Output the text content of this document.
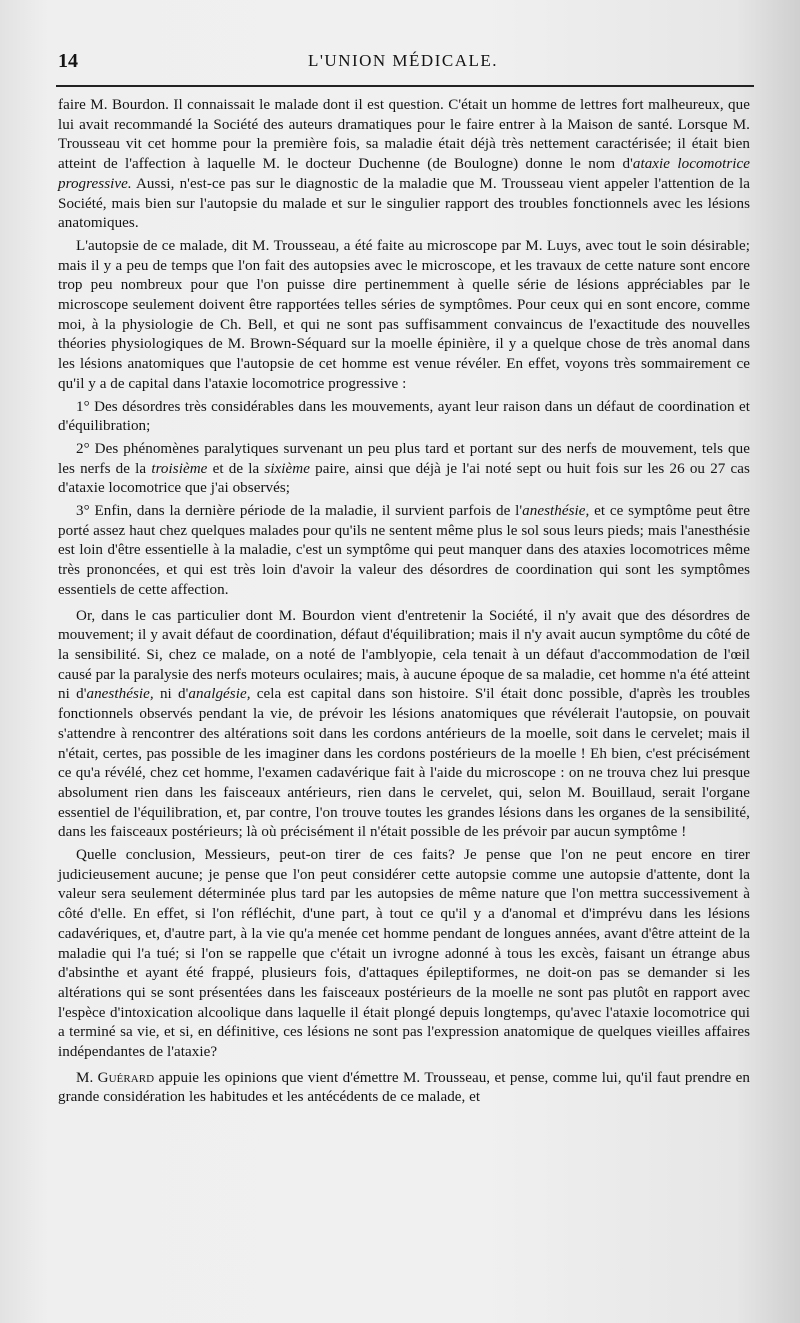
14	L'UNION MÉDICALE.

faire M. Bourdon. Il connaissait le malade dont il est question. C'était un homme de lettres fort malheureux, que lui avait recommandé la Société des auteurs dramatiques pour le faire entrer à la Maison de santé. Lorsque M. Trousseau vit cet homme pour la première fois, sa maladie était déjà très nettement caractérisée; il était bien atteint de l'affection à laquelle M. le docteur Duchenne (de Boulogne) donne le nom d'ataxie locomotrice progressive. Aussi, n'est-ce pas sur le diagnostic de la maladie que M. Trousseau vient appeler l'attention de la Société, mais bien sur l'autopsie du malade et sur le singulier rapport des troubles fonctionnels avec les lésions anatomiques.

L'autopsie de ce malade, dit M. Trousseau, a été faite au microscope par M. Luys, avec tout le soin désirable; mais il y a peu de temps que l'on fait des autopsies avec le microscope, et les travaux de cette nature sont encore trop peu nombreux pour que l'on puisse dire pertinemment à quelle série de lésions appréciables par le microscope seulement doivent être rapportées telles séries de symptômes. Pour ceux qui en sont encore, comme moi, à la physiologie de Ch. Bell, et qui ne sont pas suffisamment convaincus de l'exactitude des nouvelles théories physiologiques de M. Brown-Séquard sur la moelle épinière, il y a quelque chose de très anomal dans les lésions anatomiques que l'autopsie de cet homme est venue révéler. En effet, voyons très sommairement ce qu'il y a de capital dans l'ataxie locomotrice progressive :

1° Des désordres très considérables dans les mouvements, ayant leur raison dans un défaut de coordination et d'équilibration;

2° Des phénomènes paralytiques survenant un peu plus tard et portant sur des nerfs de mouvement, tels que les nerfs de la troisième et de la sixième paire, ainsi que déjà je l'ai noté sept ou huit fois sur les 26 ou 27 cas d'ataxie locomotrice que j'ai observés;

3° Enfin, dans la dernière période de la maladie, il survient parfois de l'anesthésie, et ce symptôme peut être porté assez haut chez quelques malades pour qu'ils ne sentent même plus le sol sous leurs pieds; mais l'anesthésie est loin d'être essentielle à la maladie, c'est un symptôme qui peut manquer dans des ataxies locomotrices même très prononcées, et qui est très loin d'avoir la valeur des désordres de coordination qui sont les symptômes essentiels de cette affection.

Or, dans le cas particulier dont M. Bourdon vient d'entretenir la Société, il n'y avait que des désordres de mouvement; il y avait défaut de coordination, défaut d'équilibration; mais il n'y avait aucun symptôme du côté de la sensibilité. Si, chez ce malade, on a noté de l'amblyopie, cela tenait à un défaut d'accommodation de l'œil causé par la paralysie des nerfs moteurs oculaires; mais, à aucune époque de sa maladie, cet homme n'a été atteint ni d'anesthésie, ni d'analgésie, cela est capital dans son histoire. S'il était donc possible, d'après les troubles fonctionnels observés pendant la vie, de prévoir les lésions anatomiques que révélerait l'autopsie, on pouvait s'attendre à rencontrer des altérations soit dans les cordons antérieurs de la moelle, soit dans le cervelet; mais il n'était, certes, pas possible de les imaginer dans les cordons postérieurs de la moelle ! Eh bien, c'est précisément ce qu'a révélé, chez cet homme, l'examen cadavérique fait à l'aide du microscope : on ne trouva chez lui presque absolument rien dans les faisceaux antérieurs, rien dans le cervelet, qui, selon M. Bouillaud, serait l'organe essentiel de l'équilibration, et, par contre, l'on trouve toutes les grandes lésions dans les organes de la sensibilité, dans les faisceaux postérieurs; là où précisément il n'était possible de les prévoir par aucun symptôme !

Quelle conclusion, Messieurs, peut-on tirer de ces faits? Je pense que l'on ne peut encore en tirer judicieusement aucune; je pense que l'on peut considérer cette autopsie comme une autopsie d'attente, dont la valeur sera seulement déterminée plus tard par les autopsies de même nature que l'on mettra successivement à côté d'elle. En effet, si l'on réfléchit, d'une part, à tout ce qu'il y a d'anomal et d'imprévu dans les lésions cadavériques, et, d'autre part, à la vie qu'a menée cet homme pendant de longues années, avant d'être atteint de la maladie qui l'a tué; si l'on se rappelle que c'était un ivrogne adonné à tous les excès, faisant un étrange abus d'absinthe et ayant été frappé, plusieurs fois, d'attaques épileptiformes, ne doit-on pas se demander si les altérations qui se sont présentées dans les faisceaux postérieurs de la moelle ne sont pas plutôt en rapport avec l'espèce d'intoxication alcoolique dans laquelle il était plongé depuis longtemps, qu'avec l'ataxie locomotrice qui a terminé sa vie, et si, en définitive, ces lésions ne sont pas l'expression anatomique de quelques vieilles affaires indépendantes de l'ataxie?

M. Guérard appuie les opinions que vient d'émettre M. Trousseau, et pense, comme lui, qu'il faut prendre en grande considération les habitudes et les antécédents de ce malade, et
